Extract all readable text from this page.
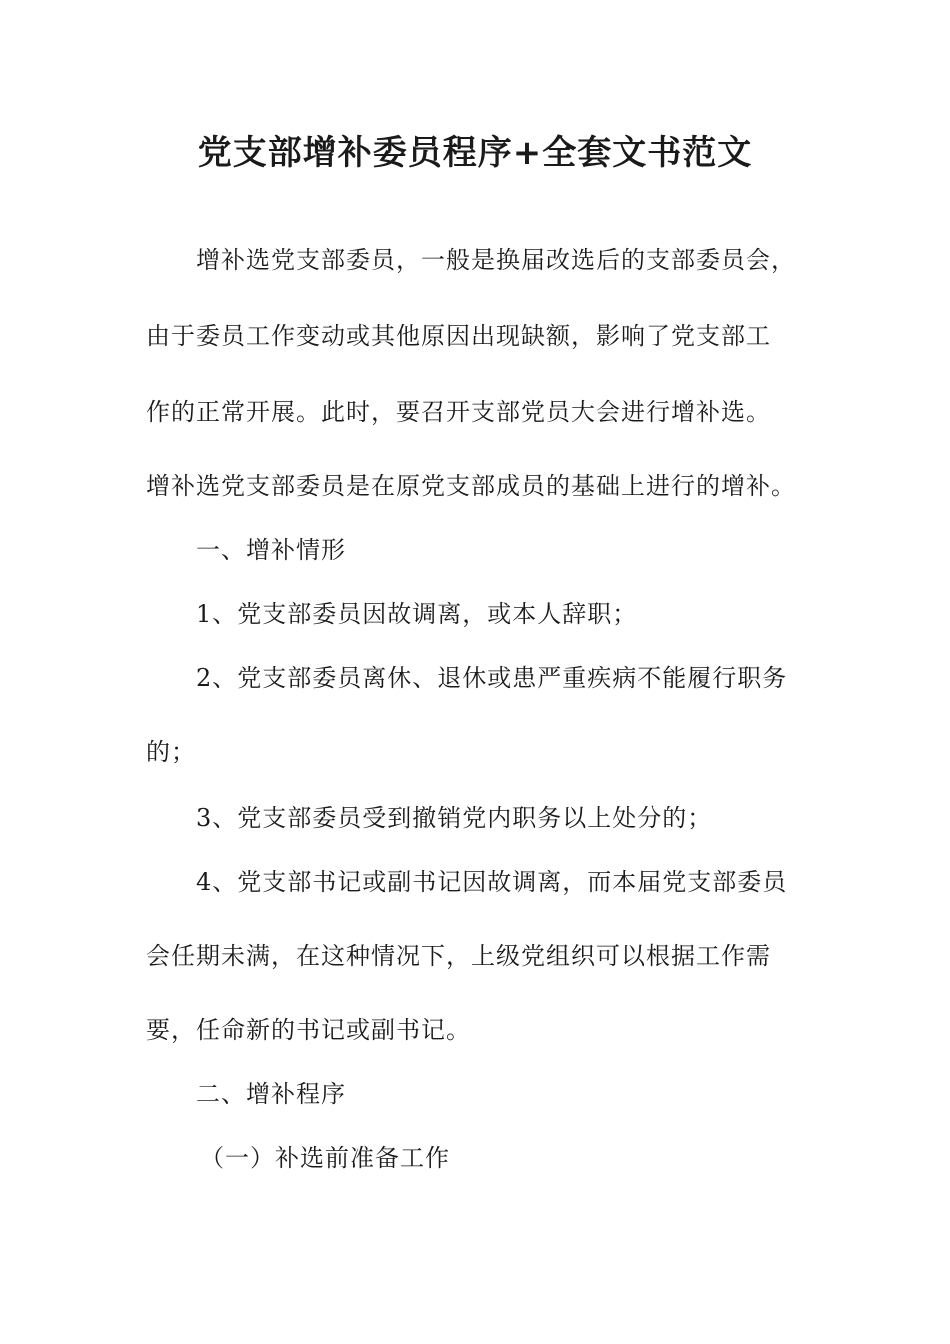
党支部增补委员程序+全套文书范文

增补选党支部委员，一般是换届改选后的支部委员会，

由于委员工作变动或其他原因出现缺额，影响了党支部工

作的正常开展。此时，要召开支部党员大会进行增补选。

增补选党支部委员是在原党支部成员的基础上进行的增补。

一、增补情形

1、党支部委员因故调离，或本人辞职；

2、党支部委员离休、退休或患严重疾病不能履行职务

的；

3、党支部委员受到撤销党内职务以上处分的；

4、党支部书记或副书记因故调离，而本届党支部委员

会任期未满，在这种情况下，上级党组织可以根据工作需

要，任命新的书记或副书记。

二、增补程序

（一）补选前准备工作
